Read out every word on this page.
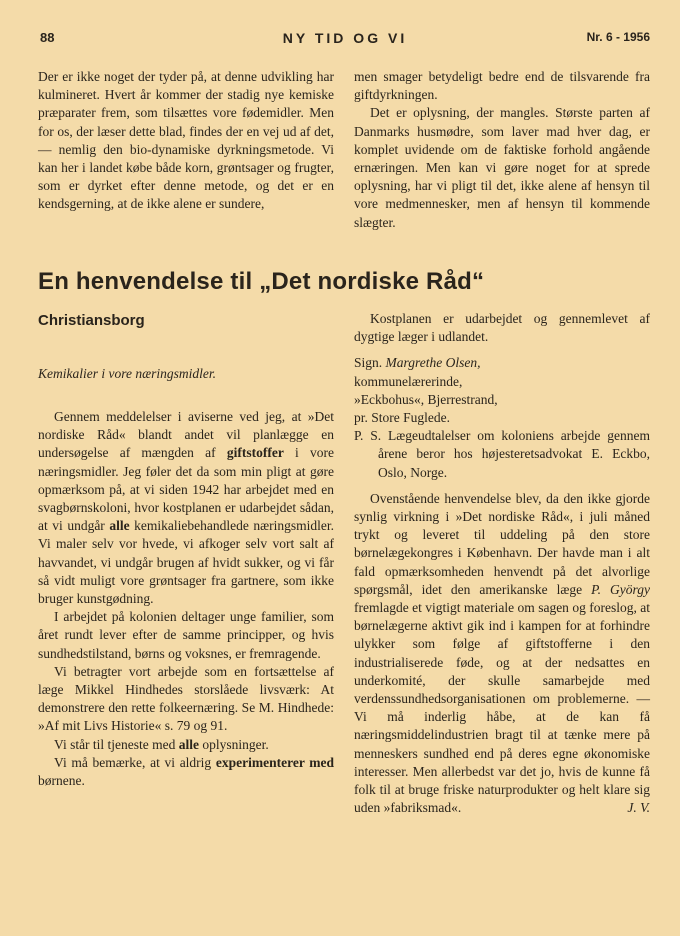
88	NY TID OG VI	Nr. 6 - 1956

Der er ikke noget der tyder på, at denne udvikling har kulmineret. Hvert år kommer der stadig nye kemiske præparater frem, som tilsættes vore fødemidler. Men for os, der læser dette blad, findes der en vej ud af det, — nemlig den bio-dynamiske dyrkningsmetode. Vi kan her i landet købe både korn, grøntsager og frugter, som er dyrket efter denne metode, og det er en kendsgerning, at de ikke alene er sundere,

men smager betydeligt bedre end de tilsvarende fra giftdyrkningen.

Det er oplysning, der mangles. Største parten af Danmarks husmødre, som laver mad hver dag, er komplet uvidende om de faktiske forhold angående ernæringen. Men kan vi gøre noget for at sprede oplysning, har vi pligt til det, ikke alene af hensyn til vore medmennesker, men af hensyn til kommende slægter.

En henvendelse til „Det nordiske Råd“
Christiansborg
Kemikalier i vore næringsmidler.

Gennem meddelelser i aviserne ved jeg, at »Det nordiske Råd« blandt andet vil planlægge en undersøgelse af mængden af giftstoffer i vore næringsmidler. Jeg føler det da som min pligt at gøre opmærksom på, at vi siden 1942 har arbejdet med en svagbørnskoloni, hvor kostplanen er udarbejdet sådan, at vi undgår alle kemikaliebehandlede næringsmidler. Vi maler selv vor hvede, vi afkoger selv vort salt af havvandet, vi undgår brugen af hvidt sukker, og vi får så vidt muligt vore grøntsager fra gartnere, som ikke bruger kunstgødning.

I arbejdet på kolonien deltager unge familier, som året rundt lever efter de samme principper, og hvis sundhedstilstand, børns og voksnes, er fremragende.

Vi betragter vort arbejde som en fortsættelse af læge Mikkel Hindhedes storslåede livsværk: At demonstrere den rette folkeernæring. Se M. Hindhede: »Af mit Livs Historie« s. 79 og 91.

Vi står til tjeneste med alle oplysninger.

Vi må bemærke, at vi aldrig experimenterer med børnene.

Kostplanen er udarbejdet og gennemlevet af dygtige læger i udlandet.

Sign. Margrethe Olsen,

kommunelærerinde,

»Eckbohus«, Bjerrestrand,

pr. Store Fuglede.

P. S. Lægeudtalelser om koloniens arbejde gennem årene beror hos højesteretsadvokat E. Eckbo, Oslo, Norge.

Ovenstående henvendelse blev, da den ikke gjorde synlig virkning i »Det nordiske Råd«, i juli måned trykt og leveret til uddeling på den store børnelægekongres i København. Der havde man i alt fald opmærksomheden henvendt på det alvorlige spørgsmål, idet den amerikanske læge P. György fremlagde et vigtigt materiale om sagen og foreslog, at børnelægerne aktivt gik ind i kampen for at forhindre ulykker som følge af giftstofferne i den industrialiserede føde, og at der nedsattes en underkomité, der skulle samarbejde med verdenssundhedsorganisationen om problemerne. — Vi må inderlig håbe, at de kan få næringsmiddelindustrien bragt til at tænke mere på menneskers sundhed end på deres egne økonomiske interesser. Men allerbedst var det jo, hvis de kunne få folk til at bruge friske naturprodukter og helt klare sig uden »fabriksmad«.	J. V.
